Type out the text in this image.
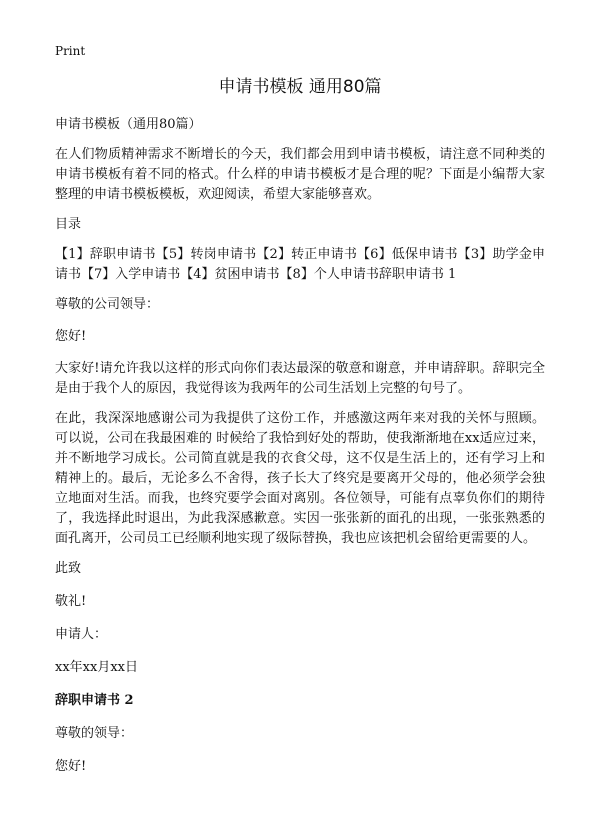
Print
申请书模板 通用80篇

申请书模板（通用80篇）

在人们物质精神需求不断增长的今天，我们都会用到申请书模板，请注意不同种类的申请书模板有着不同的格式。什么样的申请书模板才是合理的呢？下面是小编帮大家整理的申请书模板模板，欢迎阅读，希望大家能够喜欢。

目录

【1】辞职申请书【5】转岗申请书【2】转正申请书【6】低保申请书【3】助学金申请书【7】入学申请书【4】贫困申请书【8】个人申请书辞职申请书 1

尊敬的公司领导：

您好!

大家好!请允许我以这样的形式向你们表达最深的敬意和谢意，并申请辞职。辞职完全是由于我个人的原因，我觉得该为我两年的公司生活划上完整的句号了。

在此，我深深地感谢公司为我提供了这份工作，并感激这两年来对我的关怀与照顾。可以说，公司在我最困难的 时候给了我恰到好处的帮助，使我渐渐地在xx适应过来，并不断地学习成长。公司简直就是我的衣食父母，这不仅是生活上的，还有学习上和精神上的。最后，无论多么不舍得，孩子长大了终究是要离开父母的，他必须学会独立地面对生活。而我，也终究要学会面对离别。各位领导，可能有点辜负你们的期待了，我选择此时退出，为此我深感歉意。实因一张张新的面孔的出现，一张张熟悉的面孔离开，公司员工已经顺利地实现了级际替换，我也应该把机会留给更需要的人。

此致

敬礼!

申请人：

xx年xx月xx日

辞职申请书 2

尊敬的领导：

您好!
